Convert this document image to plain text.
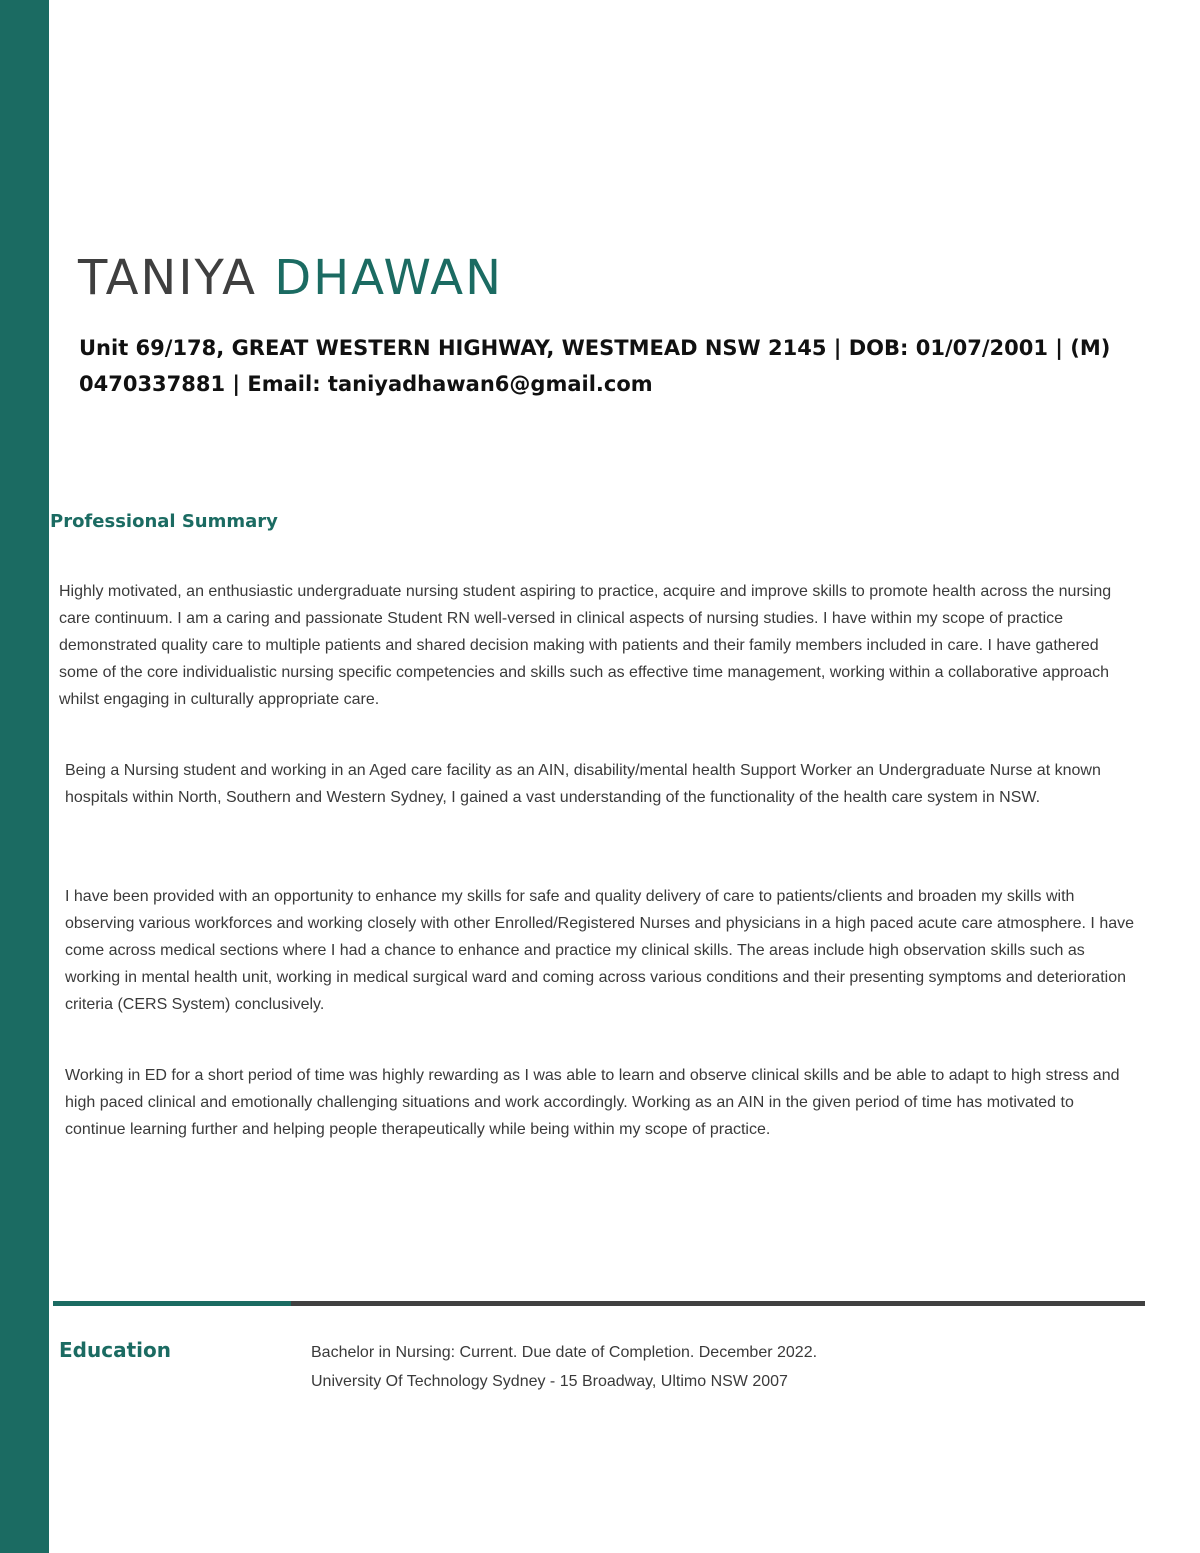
TANIYA DHAWAN
Unit 69/178, GREAT WESTERN HIGHWAY, WESTMEAD NSW 2145 | DOB: 01/07/2001 | (M)
0470337881 | Email: taniyadhawan6@gmail.com
Professional Summary
Highly motivated, an enthusiastic undergraduate nursing student aspiring to practice, acquire and improve skills to promote health across the nursing care continuum. I am a caring and passionate Student RN well-versed in clinical aspects of nursing studies. I have within my scope of practice demonstrated quality care to multiple patients and shared decision making with patients and their family members included in care. I have gathered some of the core individualistic nursing specific competencies and skills such as effective time management, working within a collaborative approach whilst engaging in culturally appropriate care.
Being a Nursing student and working in an Aged care facility as an AIN, disability/mental health Support Worker an Undergraduate Nurse at known hospitals within North, Southern and Western Sydney, I gained a vast understanding of the functionality of the health care system in NSW.
I have been provided with an opportunity to enhance my skills for safe and quality delivery of care to patients/clients and broaden my skills with observing various workforces and working closely with other Enrolled/Registered Nurses and physicians in a high paced acute care atmosphere. I have come across medical sections where I had a chance to enhance and practice my clinical skills. The areas include high observation skills such as working in mental health unit, working in medical surgical ward and coming across various conditions and their presenting symptoms and deterioration criteria (CERS System) conclusively.
Working in ED for a short period of time was highly rewarding as I was able to learn and observe clinical skills and be able to adapt to high stress and high paced clinical and emotionally challenging situations and work accordingly. Working as an AIN in the given period of time has motivated to continue learning further and helping people therapeutically while being within my scope of practice.
Education	Bachelor in Nursing: Current. Due date of Completion. December 2022.
University Of Technology Sydney - 15 Broadway, Ultimo NSW 2007
